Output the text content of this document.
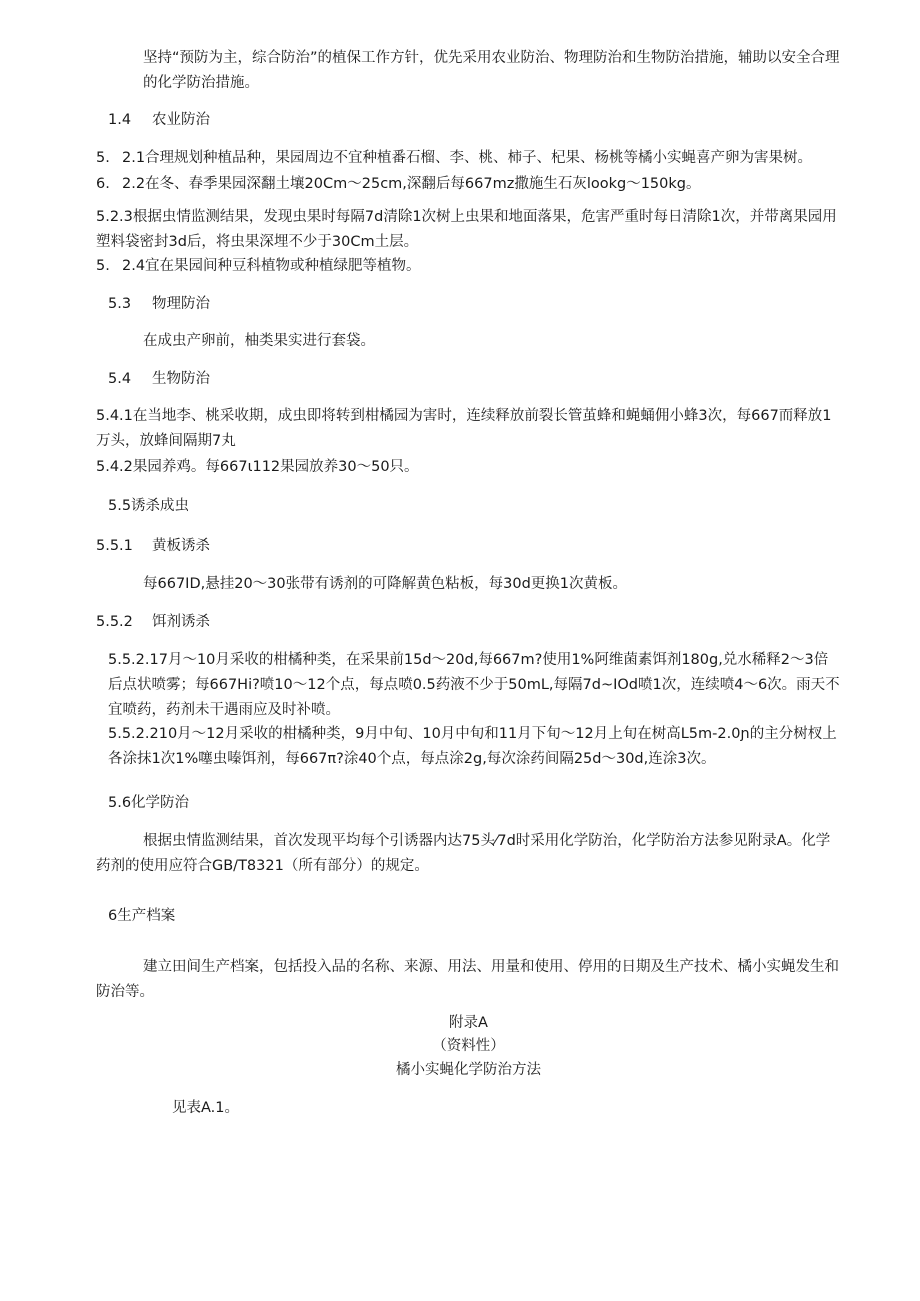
坚持“预防为主，综合防治”的植保工作方针，优先采用农业防治、物理防治和生物防治措施，辅助以安全合理的化学防治措施。

1.4 农业防治
5. 2.1合理规划种植品种，果园周边不宜种植番石榴、李、桃、柿子、杞果、杨桃等橘小实蝇喜产卵为害果树。
6. 2.2在冬、春季果园深翻土壤20Cm～25cm,深翻后每667mz撒施生石灰lookg～150kg。

5.2.3根据虫情监测结果，发现虫果时每隔7d清除1次树上虫果和地面落果，危害严重时每日清除1次，并带离果园用塑料袋密封3d后，将虫果深埋不少于30Cm土层。

5. 2.4宜在果园间种豆科植物或种植绿肥等植物。
5.3 物理防治

在成虫产卵前，柚类果实进行套袋。

5.4 生物防治

5.4.1在当地李、桃采收期，成虫即将转到柑橘园为害时，连续释放前裂长管茧蜂和蝇蛹佣小蜂3次，每667而释放1万头，放蜂间隔期7丸

5.4.2果园养鸡。每667ι112果园放养30～50只。

5.5诱杀成虫
5.5.1 黄板诱杀

每667ID,悬挂20～30张带有诱剂的可降解黄色粘板，每30d更换1次黄板。

5.5.2 饵剂诱杀

5.5.2.17月～10月采收的柑橘种类，在采果前15d～20d,每667m?使用1%阿维菌素饵剂180g,兑水稀释2～3倍后点状喷雾；每667Hi?喷10～12个点，每点喷0.5药液不少于50mL,每隔7d~IOd喷1次，连续喷4～6次。雨天不宜喷药，药剂未干遇雨应及时补喷。

5.5.2.210月～12月采收的柑橘种类，9月中旬、10月中旬和11月下旬～12月上旬在树高L5m-2.0ɲ的主分树杈上各涂抹1次1%噻虫嗪饵剂，每667π?涂40个点，每点涂2g,每次涂药间隔25d～30d,连涂3次。

5.6化学防治

根据虫情监测结果，首次发现平均每个引诱器内达75头⁄7d时采用化学防治，化学防治方法参见附录A。化学药剂的使用应符合GB/T8321（所有部分）的规定。

6生产档案

建立田间生产档案，包括投入品的名称、来源、用法、用量和使用、停用的日期及生产技术、橘小实蝇发生和防治等。

附录A
（资料性）
橘小实蝇化学防治方法
见表A.1。
